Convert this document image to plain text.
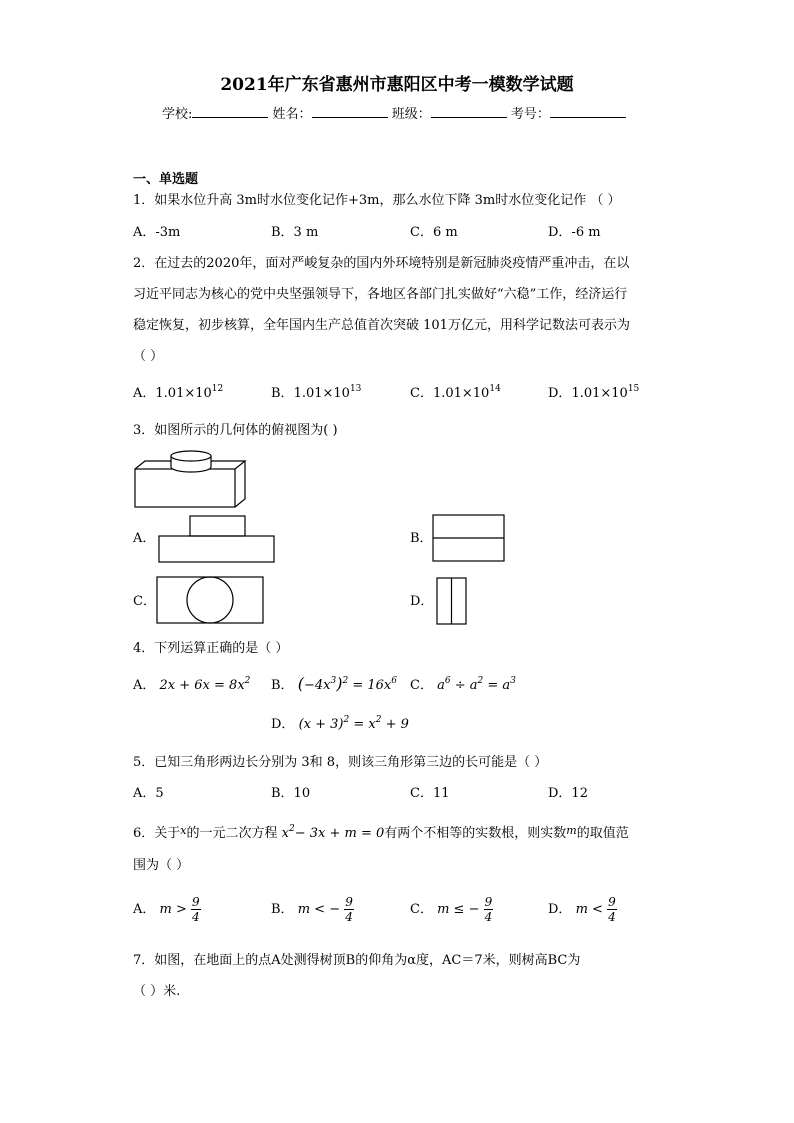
2021年广东省惠州市惠阳区中考一模数学试题
学校:	姓名：	班级：	考号：
一、单选题
1．如果水位升高 3m时水位变化记作+3m，那么水位下降 3m时水位变化记作 （ ）
A．-3m	B．3 m	C．6 m	D．-6 m
2．在过去的2020年，面对严峻复杂的国内外环境特别是新冠肺炎疫情严重冲击，在以
习近平同志为核心的党中央坚强领导下，各地区各部门扎实做好“六稳”工作，经济运行
稳定恢复，初步核算，全年国内生产总值首次突破 101万亿元，用科学记数法可表示为
（ ）
A．$1.01\times 10^{12}$	B．$1.01\times 10^{13}$	C．$1.01\times 10^{14}$	D．$1.01\times 10^{15}$
3．如图所示的几何体的俯视图为( )
A．	B．
C．	D．
4．下列运算正确的是（ ）
A． $2x + 6x = 8x^2$ B． $(-4x^3)^2 = 16x^6$ C． $a^6 \div a^2 = a^3$
D． $(x + 3)^2 = x^2 + 9$
5．已知三角形两边长分别为 3和 8，则该三角形第三边的长可能是（ ）
A．5	B．10	C．11	D．12
6．关于$^x$的一元二次方程 $x^2- 3x + m = 0$有两个不相等的实数根，则实数$^m$的取值范
围为（ ）
A． $m > \frac{9}{4}$	B． m < − $\frac{9}{4}$	C． m ≤ − $\frac{9}{4}$	D． $m < \frac{9}{4}$
7．如图，在地面上的点A处测得树顶B的仰角为α度，AC＝7米，则树高BC为
（ ）米.
